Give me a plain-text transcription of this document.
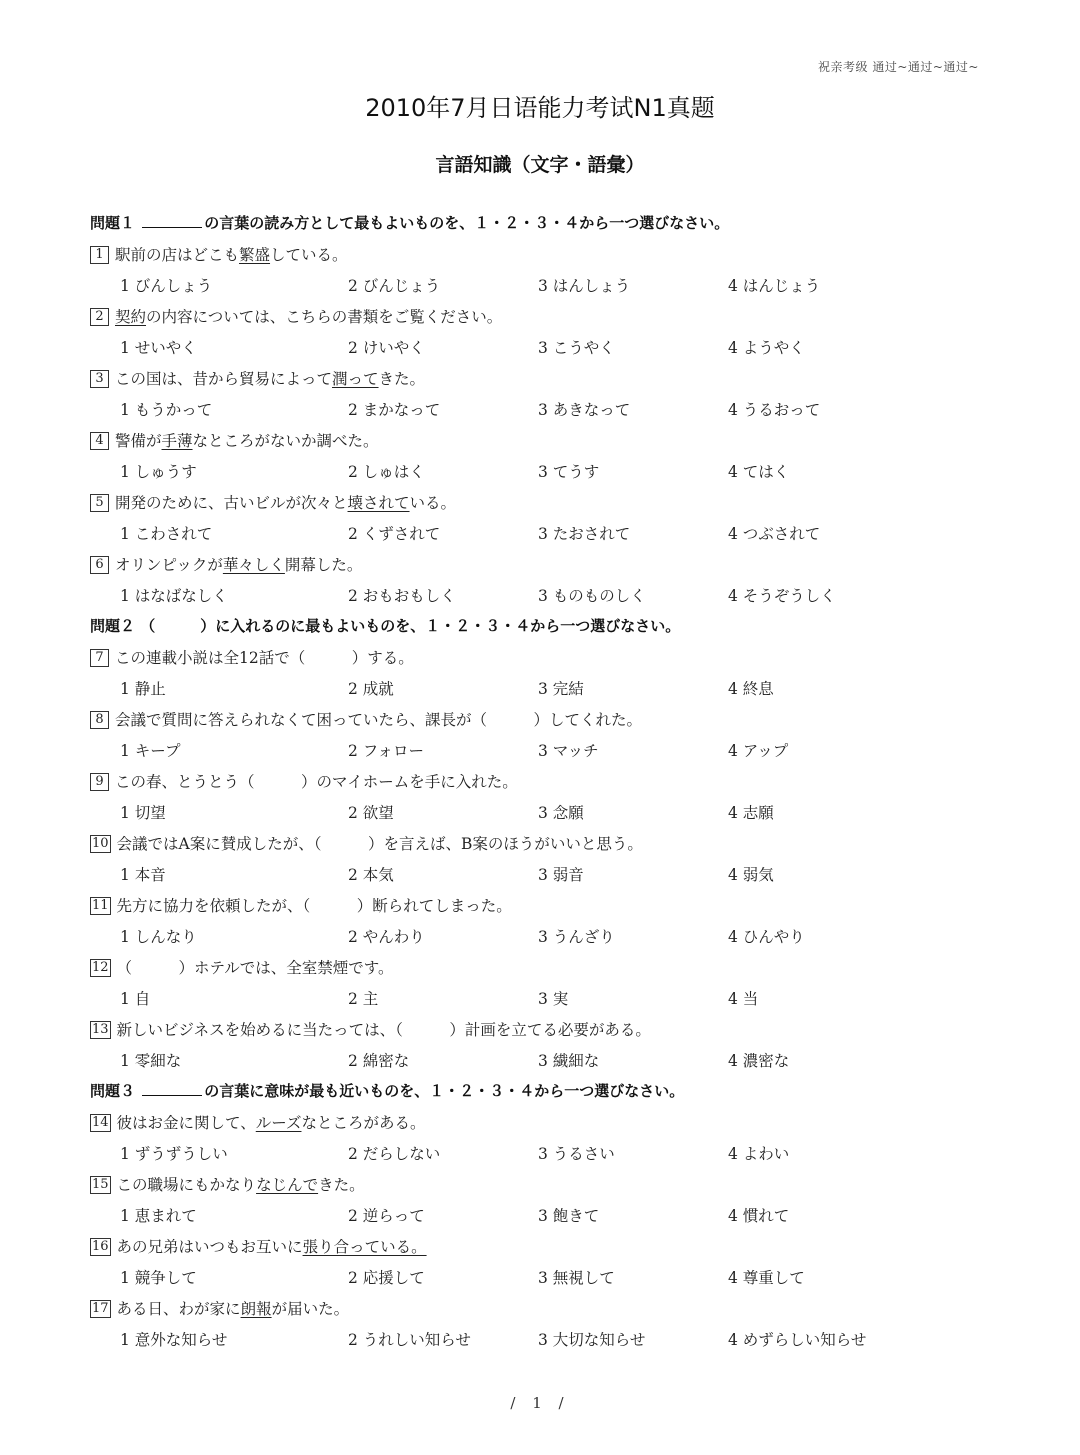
祝亲考级 通过~通过~通过~
2010年7月日语能力考试N1真题
言語知識（文字・語彙）
問題１	の言葉の読み方として最もよいものを、１・２・３・４から一つ選びなさい。
1 駅前の店はどこも繁盛している。
1 びんしょう	2 びんじょう	3 はんしょう	4 はんじょう
2 契約の内容については、こちらの書類をご覧ください。
1 せいやく	2 けいやく	3 こうやく	4 ようやく
3 この国は、昔から貿易によって潤ってきた。
1 もうかって	2 まかなって	3 あきなって	4 うるおって
4 警備が手薄なところがないか調べた。
1 しゅうす	2 しゅはく	3 てうす	4 てはく
5 開発のために、古いビルが次々と壊されている。
1 こわされて	2 くずされて	3 たおされて	4 つぶされて
6 オリンピックが華々しく開幕した。
1 はなばなしく	2 おもおもしく	3 ものものしく	4 そうぞうしく
問題２ （　　　）に入れるのに最もよいものを、１・２・３・４から一つ選びなさい。
7 この連載小説は全12話で（　　　）する。
1 静止	2 成就	3 完結	4 終息
8 会議で質問に答えられなくて困っていたら、課長が（　　　）してくれた。
1 キープ	2 フォロー	3 マッチ	4 アップ
9 この春、とうとう（　　　）のマイホームを手に入れた。
1 切望	2 欲望	3 念願	4 志願
10 会議ではA案に賛成したが、（　　　）を言えば、B案のほうがいいと思う。
1 本音	2 本気	3 弱音	4 弱気
11 先方に協力を依頼したが、（　　　）断られてしまった。
1 しんなり	2 やんわり	3 うんざり	4 ひんやり
12 （　　　）ホテルでは、全室禁煙です。
1 自	2 主	3 実	4 当
13 新しいビジネスを始めるに当たっては、（　　　）計画を立てる必要がある。
1 零細な	2 綿密な	3 繊細な	4 濃密な
問題３	の言葉に意味が最も近いものを、１・２・３・４から一つ選びなさい。
14 彼はお金に関して、ルーズなところがある。
1 ずうずうしい	2 だらしない	3 うるさい	4 よわい
15 この職場にもかなりなじんできた。
1 恵まれて	2 逆らって	3 飽きて	4 慣れて
16 あの兄弟はいつもお互いに張り合っている。
1 競争して	2 応援して	3 無視して	4 尊重して
17 ある日、わが家に朗報が届いた。
1 意外な知らせ	2 うれしい知らせ	3 大切な知らせ	4 めずらしい知らせ
/ 1 /
